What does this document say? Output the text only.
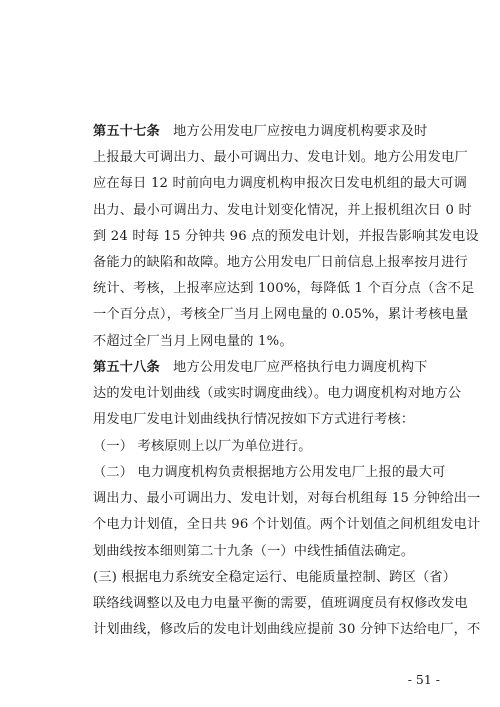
第五十七条 地方公用发电厂应按电力调度机构要求及时
上报最大可调出力、最小可调出力、发电计划。地方公用发电厂
应在每日 12 时前向电力调度机构申报次日发电机组的最大可调
出力、最小可调出力、发电计划变化情况，并上报机组次日 0 时
到 24 时每 15 分钟共 96 点的预发电计划，并报告影响其发电设
备能力的缺陷和故障。地方公用发电厂日前信息上报率按月进行
统计、考核，上报率应达到 100%，每降低 1 个百分点（含不足
一个百分点），考核全厂当月上网电量的 0.05%，累计考核电量
不超过全厂当月上网电量的 1%。
第五十八条 地方公用发电厂应严格执行电力调度机构下
达的发电计划曲线（或实时调度曲线）。电力调度机构对地方公
用发电厂发电计划曲线执行情况按如下方式进行考核：
（一） 考核原则上以厂为单位进行。
（二） 电力调度机构负责根据地方公用发电厂上报的最大可
调出力、最小可调出力、发电计划，对每台机组每 15 分钟给出一
个电力计划值，全日共 96 个计划值。两个计划值之间机组发电计
划曲线按本细则第二十九条（一）中线性插值法确定。
(三) 根据电力系统安全稳定运行、电能质量控制、跨区（省）
联络线调整以及电力电量平衡的需要，值班调度员有权修改发电
计划曲线，修改后的发电计划曲线应提前 30 分钟下达给电厂，不
- 51 -
